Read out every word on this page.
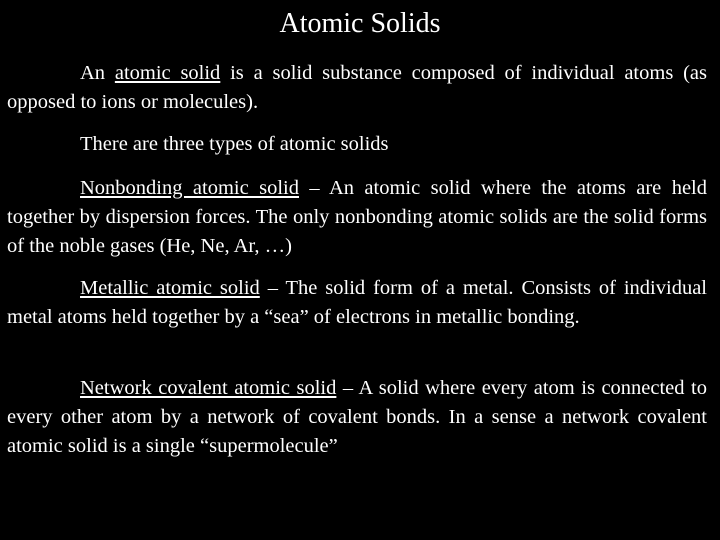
Atomic Solids

An atomic solid is a solid substance composed of individual atoms (as opposed to ions or molecules).

There are three types of atomic solids

Nonbonding atomic solid – An atomic solid where the atoms are held together by dispersion forces. The only nonbonding atomic solids are the solid forms of the noble gases (He, Ne, Ar, …)

Metallic atomic solid – The solid form of a metal. Consists of individual metal atoms held together by a “sea” of electrons in metallic bonding.

Network covalent atomic solid – A solid where every atom is connected to every other atom by a network of covalent bonds. In a sense a network covalent atomic solid is a single “supermolecule”
